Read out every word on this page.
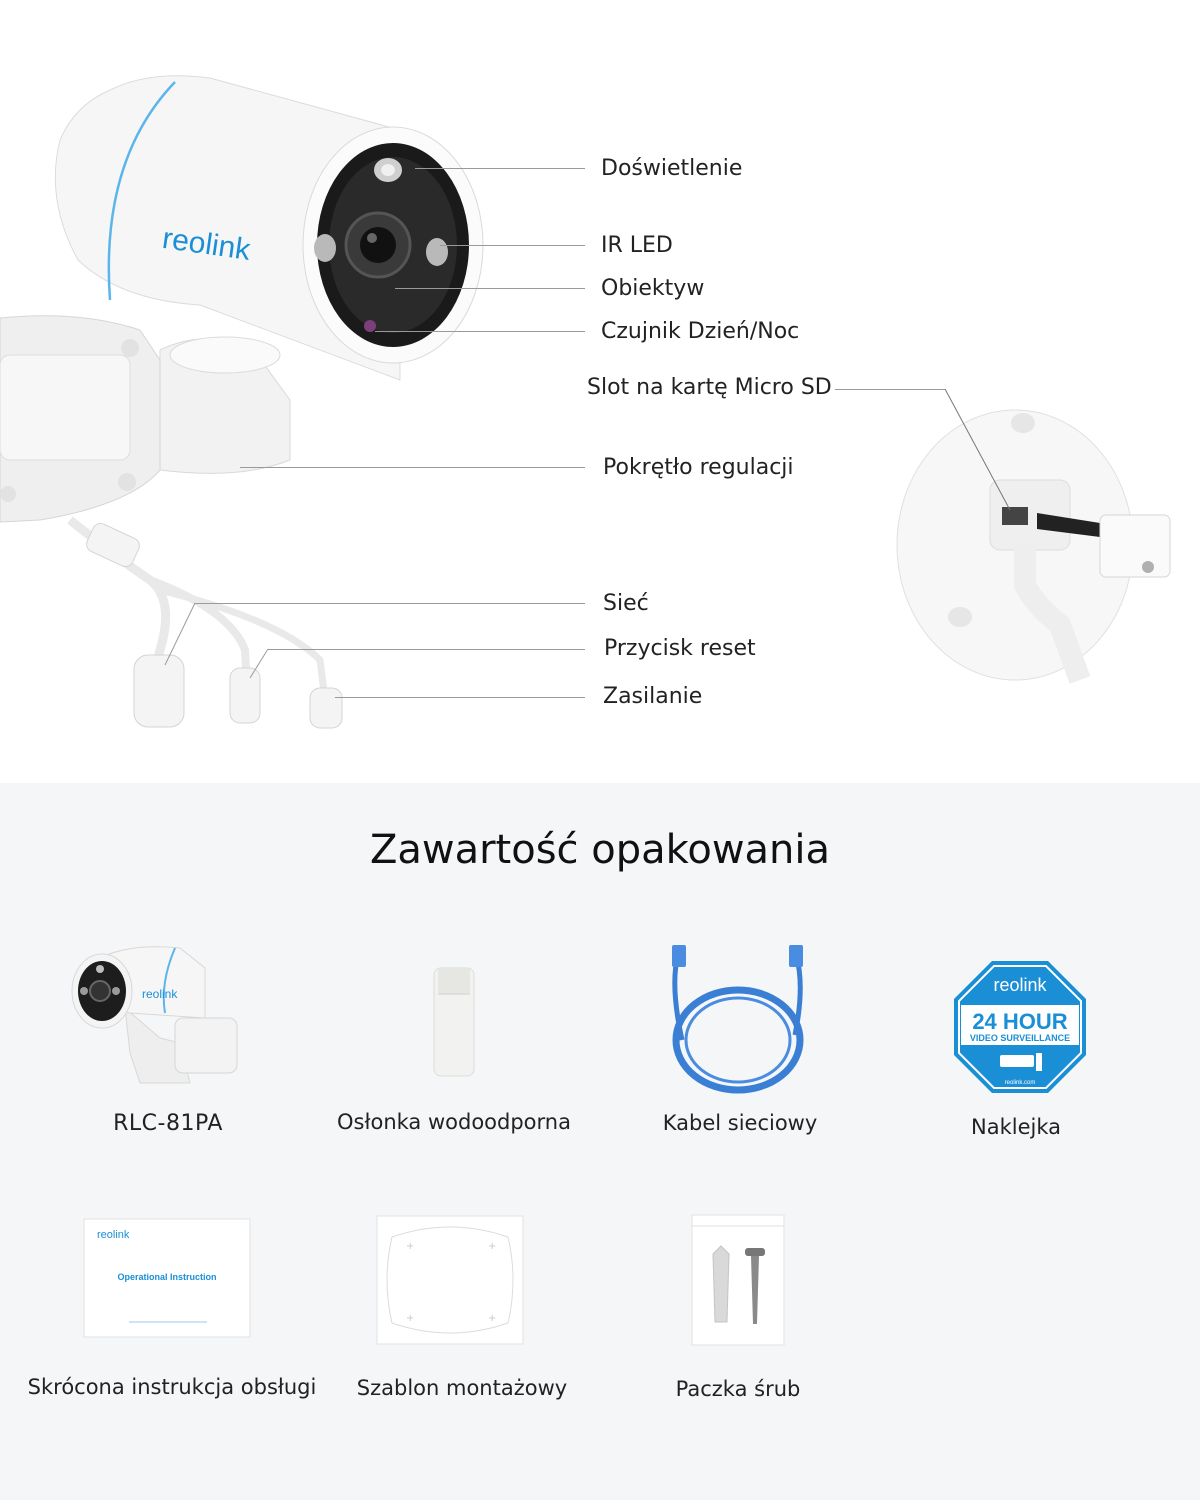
reolink
Doświetlenie
IR LED
Obiektyw
Czujnik Dzień/Noc
Slot na kartę Micro SD
Pokrętło regulacji
Sieć
Przycisk reset
Zasilanie
Zawartość opakowania
reolink
RLC-81PA	Osłonka wodoodporna	Kabel sieciowy
reolink
24 HOUR
VIDEO SURVEILLANCE
reolink.com
Naklejka
reolink
Operational Instruction
Skrócona instrukcja obsługi
+	+
+	+
Szablon montażowy	Paczka śrub
